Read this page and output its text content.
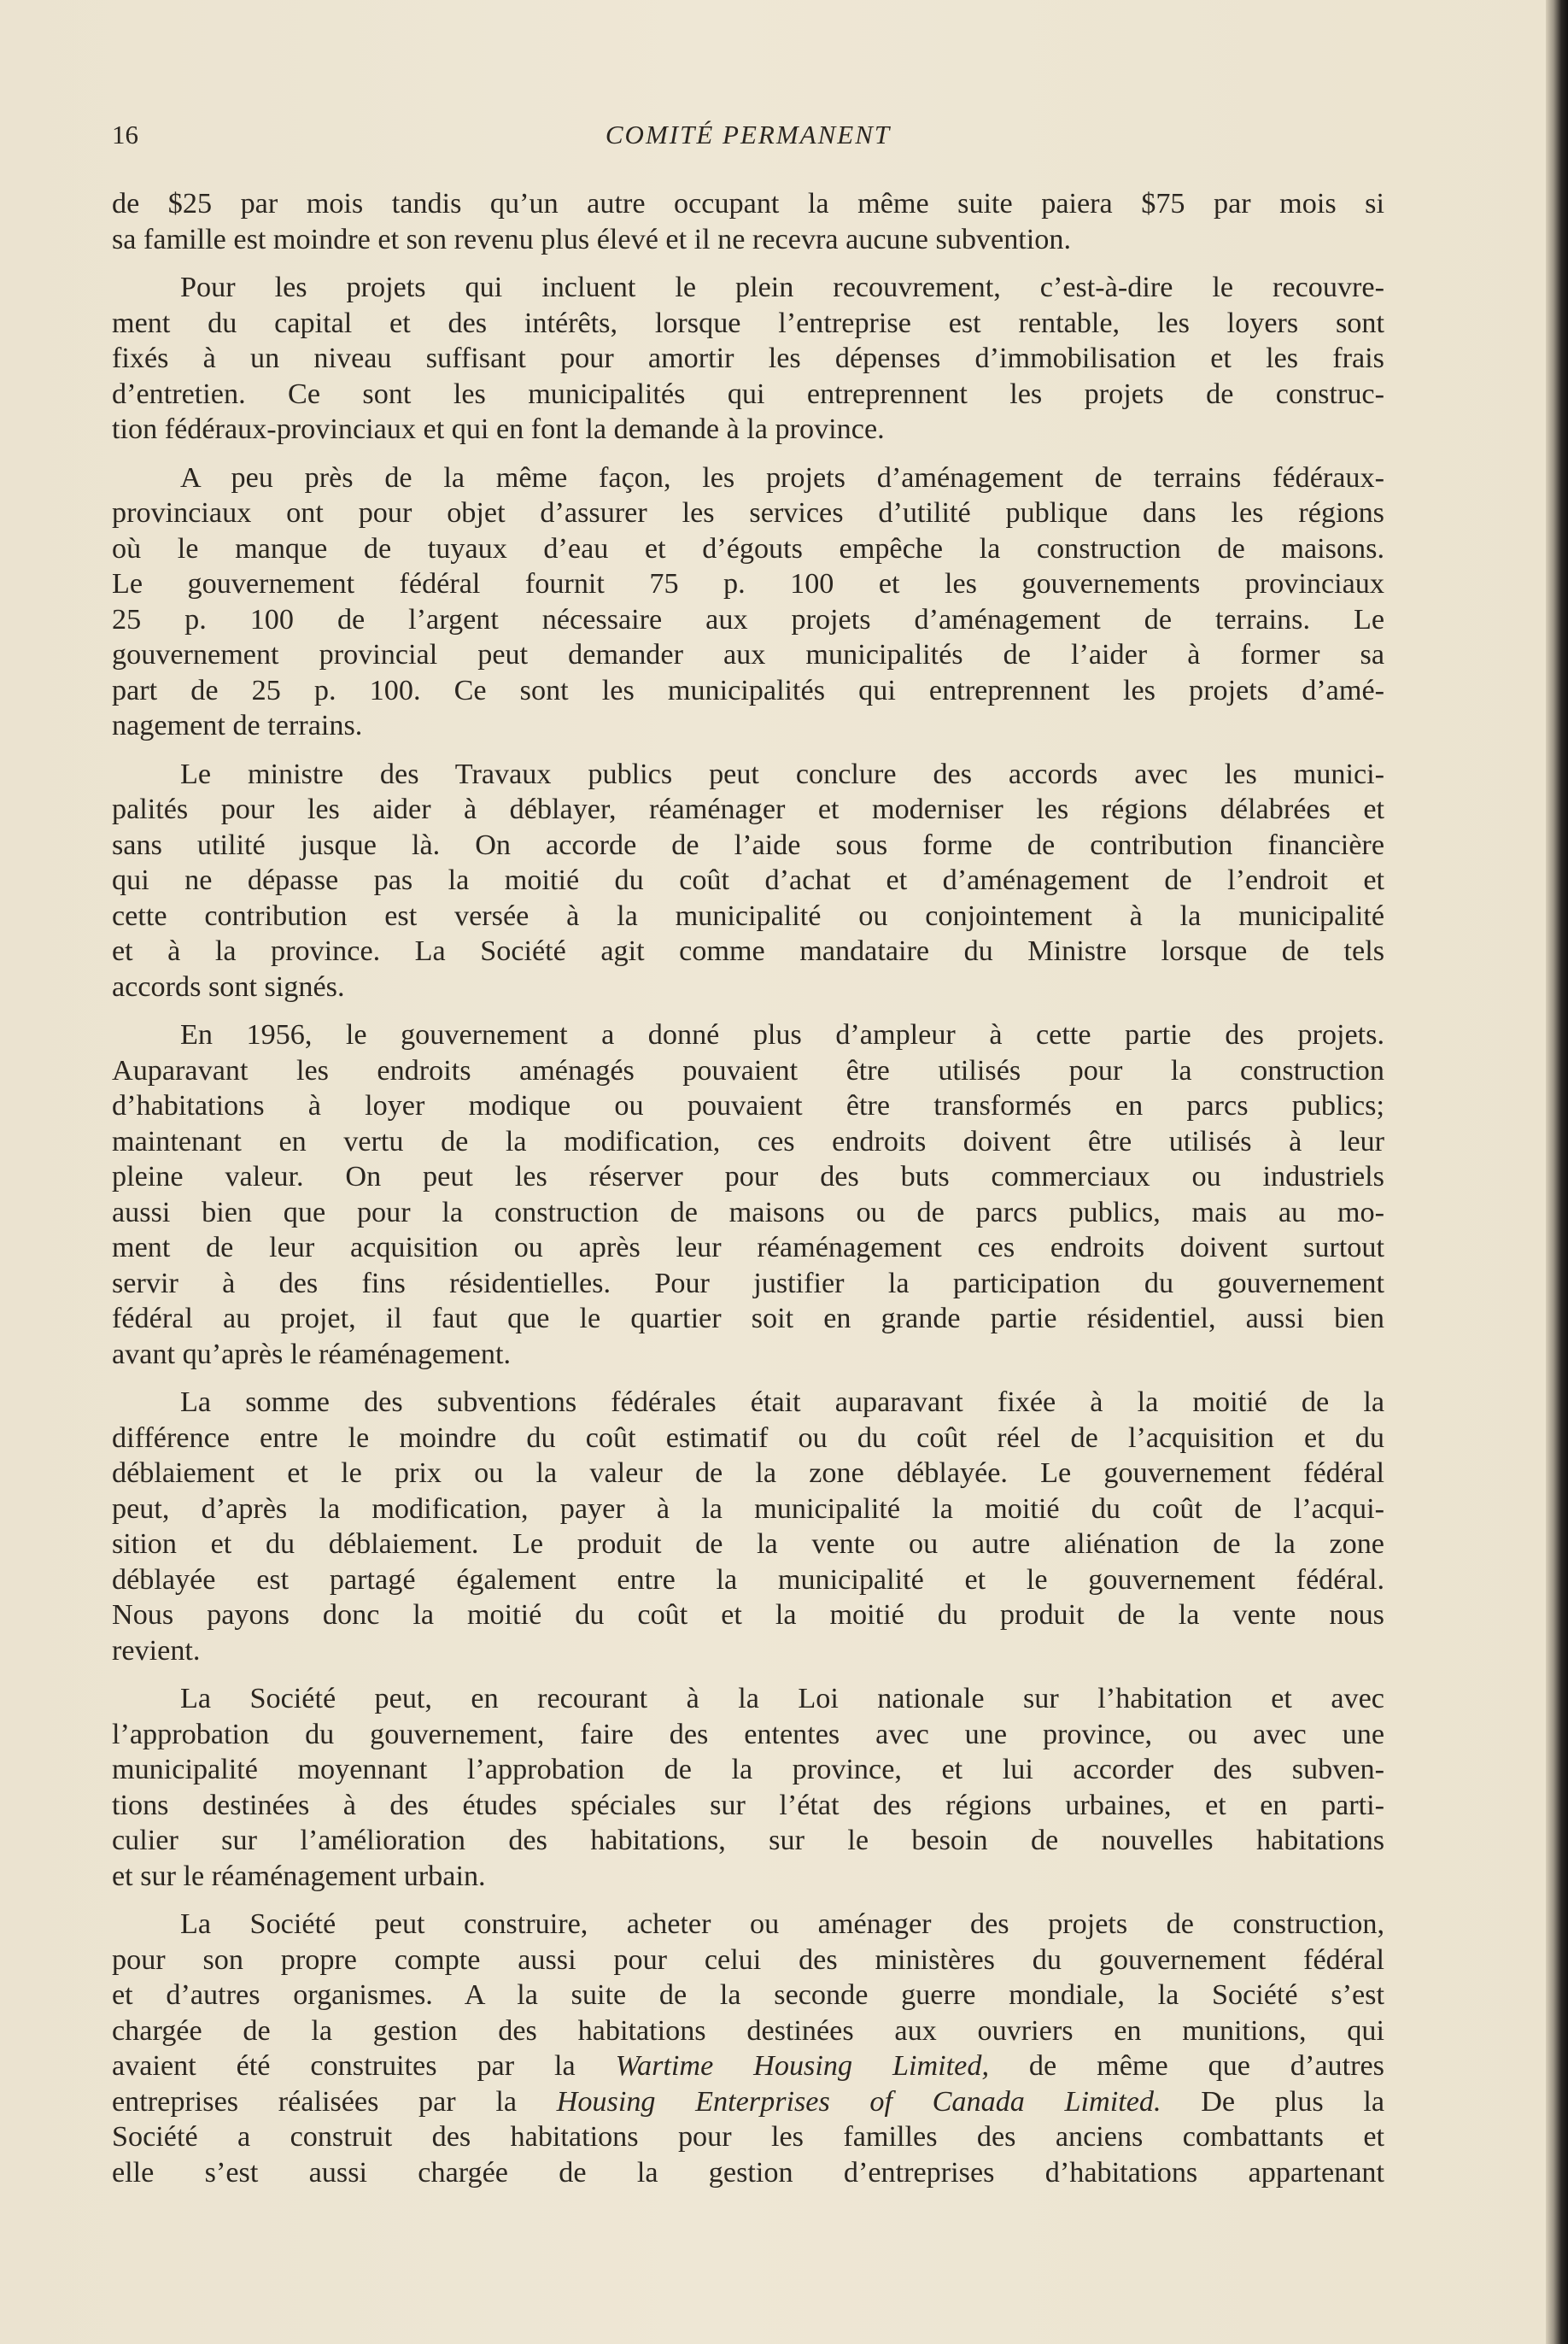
16	COMITÉ PERMANENT
de $25 par mois tandis qu’un autre occupant la même suite paiera $75 par mois si
sa famille est moindre et son revenu plus élevé et il ne recevra aucune subvention.
Pour les projets qui incluent le plein recouvrement, c’est-à-dire le recouvre-
ment du capital et des intérêts, lorsque l’entreprise est rentable, les loyers sont
fixés à un niveau suffisant pour amortir les dépenses d’immobilisation et les frais
d’entretien. Ce sont les municipalités qui entreprennent les projets de construc-
tion fédéraux-provinciaux et qui en font la demande à la province.
A peu près de la même façon, les projets d’aménagement de terrains fédéraux-
provinciaux ont pour objet d’assurer les services d’utilité publique dans les régions
où le manque de tuyaux d’eau et d’égouts empêche la construction de maisons.
Le gouvernement fédéral fournit 75 p. 100 et les gouvernements provinciaux
25 p. 100 de l’argent nécessaire aux projets d’aménagement de terrains. Le
gouvernement provincial peut demander aux municipalités de l’aider à former sa
part de 25 p. 100. Ce sont les municipalités qui entreprennent les projets d’amé-
nagement de terrains.
Le ministre des Travaux publics peut conclure des accords avec les munici-
palités pour les aider à déblayer, réaménager et moderniser les régions délabrées et
sans utilité jusque là. On accorde de l’aide sous forme de contribution financière
qui ne dépasse pas la moitié du coût d’achat et d’aménagement de l’endroit et
cette contribution est versée à la municipalité ou conjointement à la municipalité
et à la province. La Société agit comme mandataire du Ministre lorsque de tels
accords sont signés.
En 1956, le gouvernement a donné plus d’ampleur à cette partie des projets.
Auparavant les endroits aménagés pouvaient être utilisés pour la construction
d’habitations à loyer modique ou pouvaient être transformés en parcs publics;
maintenant en vertu de la modification, ces endroits doivent être utilisés à leur
pleine valeur. On peut les réserver pour des buts commerciaux ou industriels
aussi bien que pour la construction de maisons ou de parcs publics, mais au mo-
ment de leur acquisition ou après leur réaménagement ces endroits doivent surtout
servir à des fins résidentielles. Pour justifier la participation du gouvernement
fédéral au projet, il faut que le quartier soit en grande partie résidentiel, aussi bien
avant qu’après le réaménagement.
La somme des subventions fédérales était auparavant fixée à la moitié de la
différence entre le moindre du coût estimatif ou du coût réel de l’acquisition et du
déblaiement et le prix ou la valeur de la zone déblayée. Le gouvernement fédéral
peut, d’après la modification, payer à la municipalité la moitié du coût de l’acqui-
sition et du déblaiement. Le produit de la vente ou autre aliénation de la zone
déblayée est partagé également entre la municipalité et le gouvernement fédéral.
Nous payons donc la moitié du coût et la moitié du produit de la vente nous
revient.
La Société peut, en recourant à la Loi nationale sur l’habitation et avec
l’approbation du gouvernement, faire des ententes avec une province, ou avec une
municipalité moyennant l’approbation de la province, et lui accorder des subven-
tions destinées à des études spéciales sur l’état des régions urbaines, et en parti-
culier sur l’amélioration des habitations, sur le besoin de nouvelles habitations
et sur le réaménagement urbain.
La Société peut construire, acheter ou aménager des projets de construction,
pour son propre compte aussi pour celui des ministères du gouvernement fédéral
et d’autres organismes. A la suite de la seconde guerre mondiale, la Société s’est
chargée de la gestion des habitations destinées aux ouvriers en munitions, qui
avaient été construites par la Wartime Housing Limited, de même que d’autres
entreprises réalisées par la Housing Enterprises of Canada Limited. De plus la
Société a construit des habitations pour les familles des anciens combattants et
elle s’est aussi chargée de la gestion d’entreprises d’habitations appartenant
